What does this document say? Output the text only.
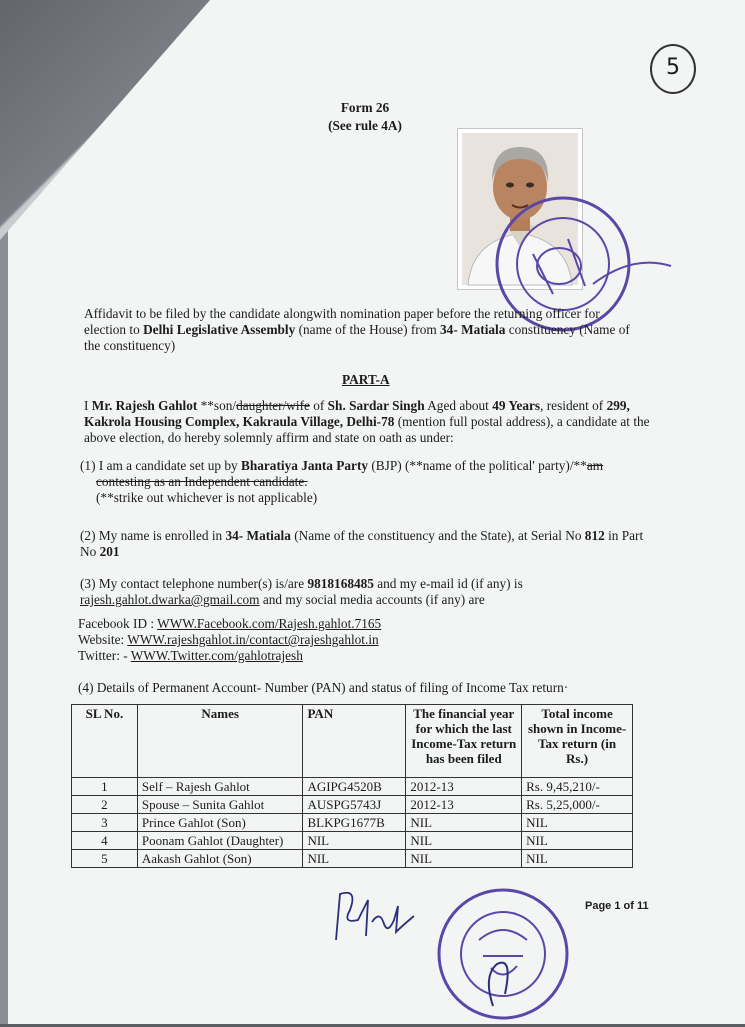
5
Form 26
(See rule 4A)
Affidavit to be filed by the candidate alongwith nomination paper before the returning officer for
election to Delhi Legislative Assembly (name of the House) from 34- Matiala constituency (Name of
the constituency)
PART-A
I Mr. Rajesh Gahlot **son/daughter/wife of Sh. Sardar Singh Aged about 49 Years, resident of 299,
Kakrola Housing Complex, Kakraula Village, Delhi-78 (mention full postal address), a candidate at the
above election, do hereby solemnly affirm and state on oath as under:
(1) I am a candidate set up by Bharatiya Janta Party (BJP) (**name of the political' party)/**am
contesting as an Independent candidate.
(**strike out whichever is not applicable)
(2) My name is enrolled in 34- Matiala (Name of the constituency and the State), at Serial No 812 in Part
No 201
(3) My contact telephone number(s) is/are 9818168485 and my e-mail id (if any) is
rajesh.gahlot.dwarka@gmail.com and my social media accounts (if any) are
Facebook ID : WWW.Facebook.com/Rajesh.gahlot.7165
Website: WWW.rajeshgahlot.in/contact@rajeshgahlot.in
Twitter: - WWW.Twitter.com/gahlotrajesh
(4) Details of Permanent Account- Number (PAN) and status of filing of Income Tax return·
SL No.	Names	PAN	The financial year for which the last Income-Tax return has been filed	Total income shown in Income-Tax return (in Rs.)
1	Self – Rajesh Gahlot	AGIPG4520B	2012-13	Rs. 9,45,210/-
2	Spouse – Sunita Gahlot	AUSPG5743J	2012-13	Rs. 5,25,000/-
3	Prince Gahlot (Son)	BLKPG1677B	NIL	NIL
4	Poonam Gahlot (Daughter)	NIL	NIL	NIL
5	Aakash Gahlot (Son)	NIL	NIL	NIL
Page 1 of 11
